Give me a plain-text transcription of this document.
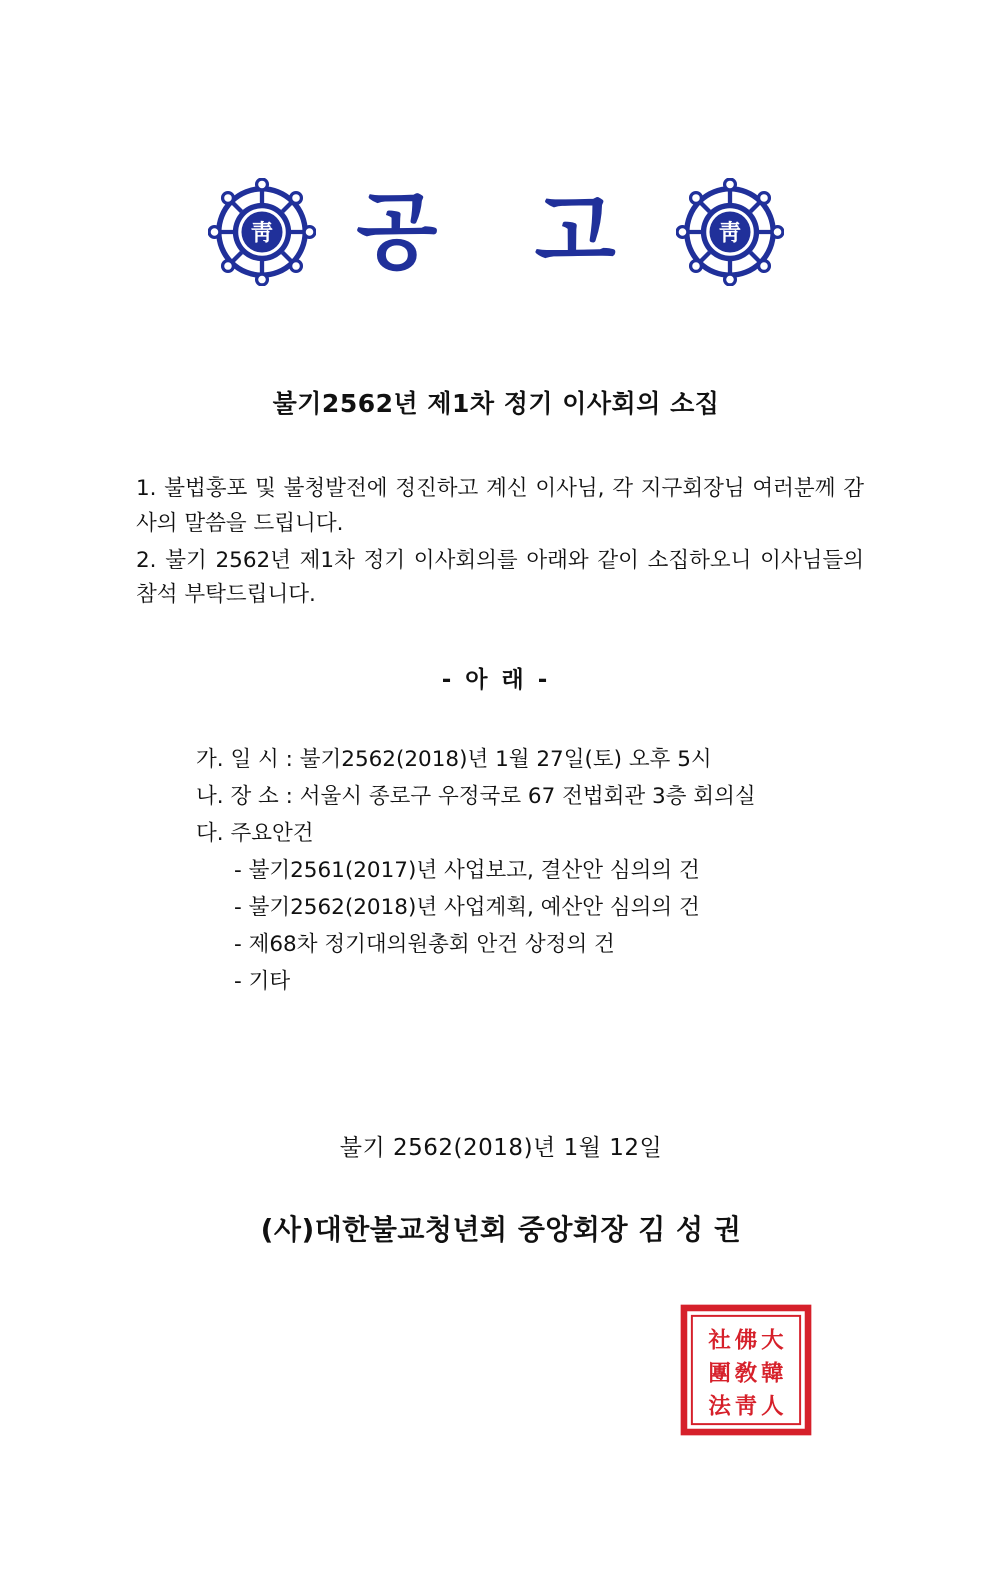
靑 공 고	靑
불기2562년 제1차 정기 이사회의 소집

1. 불법홍포 및 불청발전에 정진하고 계신 이사님, 각 지구회장님 여러분께 감사의 말씀을 드립니다.

2. 불기 2562년 제1차 정기 이사회의를 아래와 같이 소집하오니 이사님들의 참석 부탁드립니다.

- 아 래 -
가. 일 시 : 불기2562(2018)년 1월 27일(토) 오후 5시
나. 장 소 : 서울시 종로구 우정국로 67 전법회관 3층 회의실
다. 주요안건
- 불기2561(2017)년 사업보고, 결산안 심의의 건
- 불기2562(2018)년 사업계획, 예산안 심의의 건
- 제68차 정기대의원총회 안건 상정의 건
- 기타
불기 2562(2018)년 1월 12일
(사)대한불교청년회 중앙회장 김 성 권
社
團
法
大
韓
人
佛
敎
靑
